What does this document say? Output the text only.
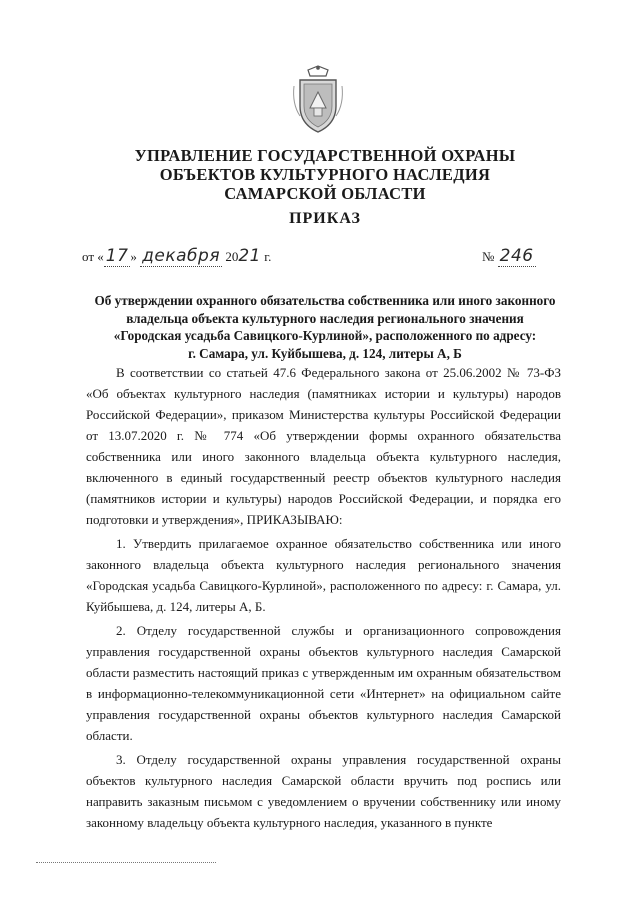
УПРАВЛЕНИЕ ГОСУДАРСТВЕННОЙ ОХРАНЫ
ОБЪЕКТОВ КУЛЬТУРНОГО НАСЛЕДИЯ
САМАРСКОЙ ОБЛАСТИ
ПРИКАЗ
от « 17 » декабря 2021 г.	№ 246
Об утверждении охранного обязательства собственника или иного законного
владельца объекта культурного наследия регионального значения
«Городская усадьба Савицкого-Курлиной», расположенного по адресу:
г. Самара, ул. Куйбышева, д. 124, литеры А, Б

В соответствии со статьей 47.6 Федерального закона от 25.06.2002 № 73-ФЗ «Об объектах культурного наследия (памятниках истории и культуры) народов Российской Федерации», приказом Министерства культуры Российской Федерации от 13.07.2020 г. № 774 «Об утверждении формы охранного обязательства собственника или иного законного владельца объекта культурного наследия, включенного в единый государственный реестр объектов культурного наследия (памятников истории и культуры) народов Российской Федерации, и порядка его подготовки и утверждения», ПРИКАЗЫВАЮ:

1. Утвердить прилагаемое охранное обязательство собственника или иного законного владельца объекта культурного наследия регионального значения «Городская усадьба Савицкого-Курлиной», расположенного по адресу: г. Самара, ул. Куйбышева, д. 124, литеры А, Б.

2. Отделу государственной службы и организационного сопровождения управления государственной охраны объектов культурного наследия Самарской области разместить настоящий приказ с утвержденным им охранным обязательством в информационно-телекоммуникационной сети «Интернет» на официальном сайте управления государственной охраны объектов культурного наследия Самарской области.

3. Отделу государственной охраны управления государственной охраны объектов культурного наследия Самарской области вручить под роспись или направить заказным письмом с уведомлением о вручении собственнику или иному законному владельцу объекта культурного наследия, указанного в пункте
